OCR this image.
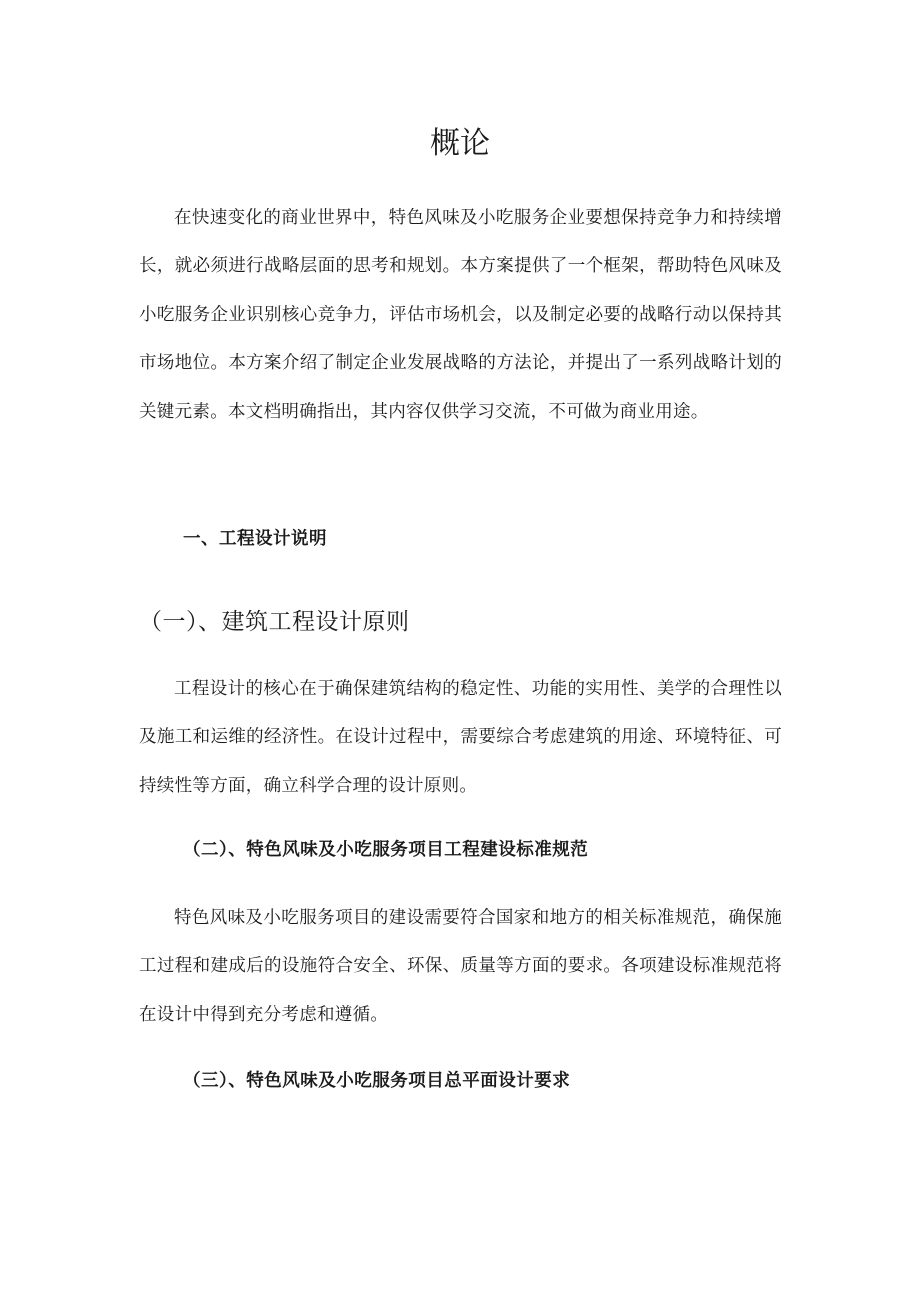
概论

在快速变化的商业世界中，特色风味及小吃服务企业要想保持竞争力和持续增长，就必须进行战略层面的思考和规划。本方案提供了一个框架，帮助特色风味及小吃服务企业识别核心竞争力，评估市场机会，以及制定必要的战略行动以保持其市场地位。本方案介绍了制定企业发展战略的方法论，并提出了一系列战略计划的关键元素。本文档明确指出，其内容仅供学习交流，不可做为商业用途。

一、工程设计说明
（一）、建筑工程设计原则

工程设计的核心在于确保建筑结构的稳定性、功能的实用性、美学的合理性以及施工和运维的经济性。在设计过程中，需要综合考虑建筑的用途、环境特征、可持续性等方面，确立科学合理的设计原则。

（二）、特色风味及小吃服务项目工程建设标准规范

特色风味及小吃服务项目的建设需要符合国家和地方的相关标准规范，确保施工过程和建成后的设施符合安全、环保、质量等方面的要求。各项建设标准规范将在设计中得到充分考虑和遵循。

（三）、特色风味及小吃服务项目总平面设计要求
